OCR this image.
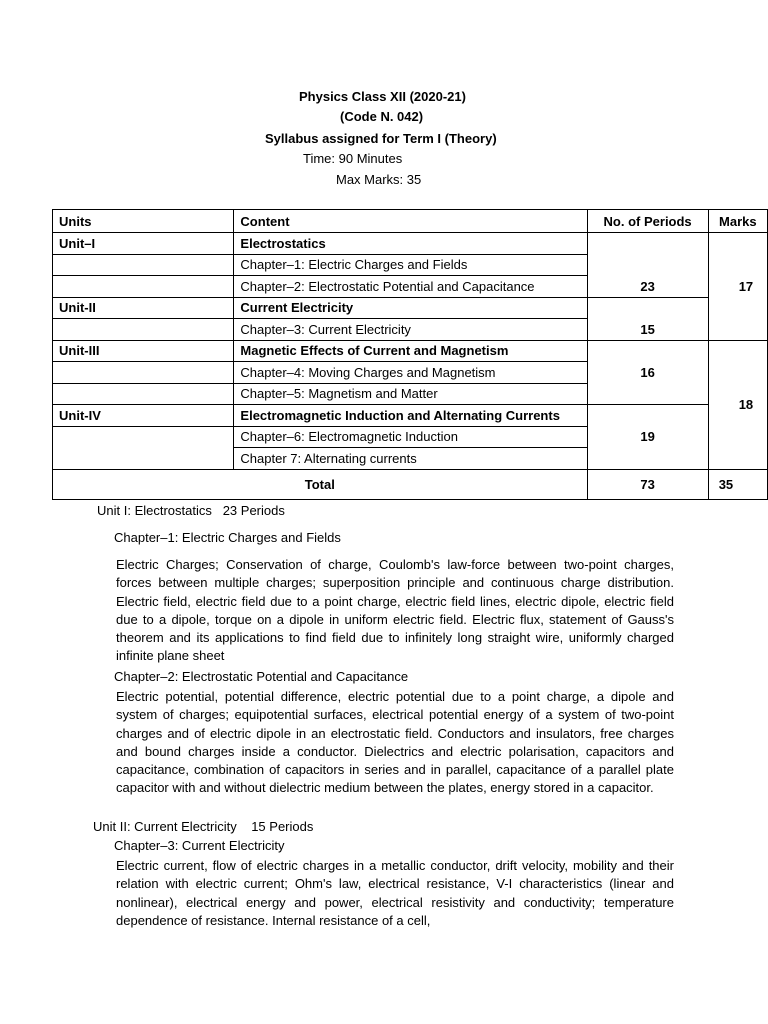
Physics Class XII (2020-21)
(Code N. 042)
Syllabus assigned for Term I (Theory)
Time: 90 Minutes
Max Marks: 35
Units	Content	No. of Periods	Marks
Unit–I	Electrostatics	23	17
	Chapter–1: Electric Charges and Fields		
	Chapter–2: Electrostatic Potential and Capacitance		
Unit-II	Current Electricity	15	
	Chapter–3: Current Electricity		
Unit-III	Magnetic Effects of Current and Magnetism	16	18
	Chapter–4: Moving Charges and Magnetism		
	Chapter–5: Magnetism and Matter		
Unit-IV	Electromagnetic Induction and Alternating Currents	19	
	Chapter–6: Electromagnetic Induction		
	Chapter 7: Alternating currents		
Total		73	35
Unit I: Electrostatics   23 Periods
Chapter–1: Electric Charges and Fields
Electric Charges; Conservation of charge, Coulomb's law-force between two-point charges, forces between multiple charges; superposition principle and continuous charge distribution. Electric field, electric field due to a point charge, electric field lines, electric dipole, electric field due to a dipole, torque on a dipole in uniform electric field. Electric flux, statement of Gauss's theorem and its applications to find field due to infinitely long straight wire, uniformly charged infinite plane sheet
Chapter–2: Electrostatic Potential and Capacitance
Electric potential, potential difference, electric potential due to a point charge, a dipole and system of charges; equipotential surfaces, electrical potential energy of a system of two-point charges and of electric dipole in an electrostatic field. Conductors and insulators, free charges and bound charges inside a conductor. Dielectrics and electric polarisation, capacitors and capacitance, combination of capacitors in series and in parallel, capacitance of a parallel plate capacitor with and without dielectric medium between the plates, energy stored in a capacitor.
Unit II: Current Electricity    15 Periods
Chapter–3: Current Electricity
Electric current, flow of electric charges in a metallic conductor, drift velocity, mobility and their relation with electric current; Ohm's law, electrical resistance, V-I characteristics (linear and nonlinear), electrical energy and power, electrical resistivity and conductivity; temperature dependence of resistance. Internal resistance of a cell,
